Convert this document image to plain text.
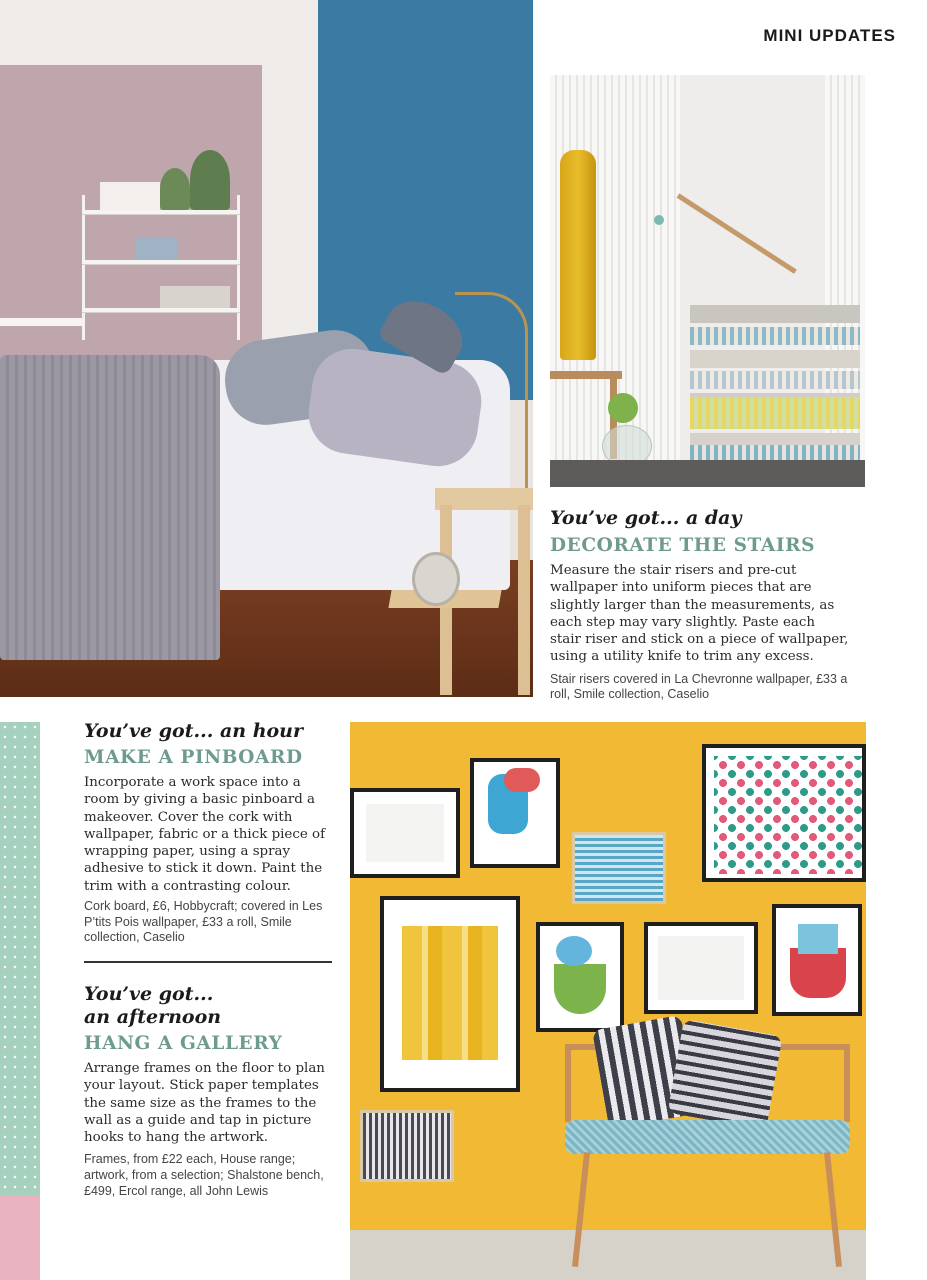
MINI UPDATES
You’ve got... a day
DECORATE THE STAIRS
Measure the stair risers and pre-cut wallpaper into uniform pieces that are slightly larger than the measurements, as each step may vary slightly. Paste each stair riser and stick on a piece of wallpaper, using a utility knife to trim any excess.
Stair risers covered in La Chevronne wallpaper, £33 a roll, Smile collection, Caselio
You’ve got... an hour
MAKE A PINBOARD
Incorporate a work space into a room by giving a basic pinboard a makeover. Cover the cork with wallpaper, fabric or a thick piece of wrapping paper, using a spray adhesive to stick it down. Paint the trim with a contrasting colour.
Cork board, £6, Hobbycraft; covered in Les P’tits Pois wallpaper, £33 a roll, Smile collection, Caselio
You’ve got...
an afternoon
HANG A GALLERY
Arrange frames on the floor to plan your layout. Stick paper templates the same size as the frames to the wall as a guide and tap in picture hooks to hang the artwork.
Frames, from £22 each, House range; artwork, from a selection; Shalstone bench, £499, Ercol range, all John Lewis
